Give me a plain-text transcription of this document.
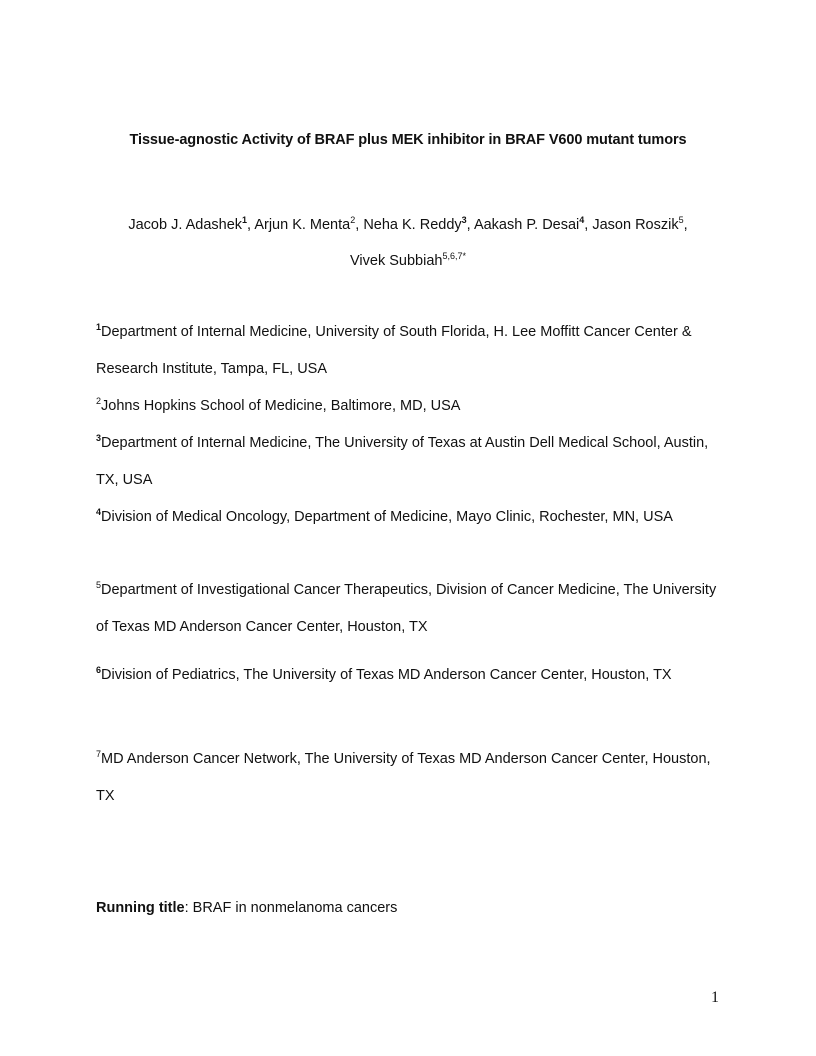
Tissue-agnostic Activity of BRAF plus MEK inhibitor in BRAF V600 mutant tumors
Jacob J. Adashek$^1$, Arjun K. Menta$^2$, Neha K. Reddy$^3$, Aakash P. Desai$^4$, Jason Roszik$^5$,
Vivek Subbiah$^{5,6,7*}$
$^1$Department of Internal Medicine, University of South Florida, H. Lee Moffitt Cancer Center & Research Institute, Tampa, FL, USA
$^2$Johns Hopkins School of Medicine, Baltimore, MD, USA
$^3$Department of Internal Medicine, The University of Texas at Austin Dell Medical School, Austin, TX, USA
$^4$Division of Medical Oncology, Department of Medicine, Mayo Clinic, Rochester, MN, USA
$^5$Department of Investigational Cancer Therapeutics, Division of Cancer Medicine, The University of Texas MD Anderson Cancer Center, Houston, TX
$^6$Division of Pediatrics, The University of Texas MD Anderson Cancer Center, Houston, TX
$^7$MD Anderson Cancer Network, The University of Texas MD Anderson Cancer Center, Houston, TX
Running title: BRAF in nonmelanoma cancers
1
